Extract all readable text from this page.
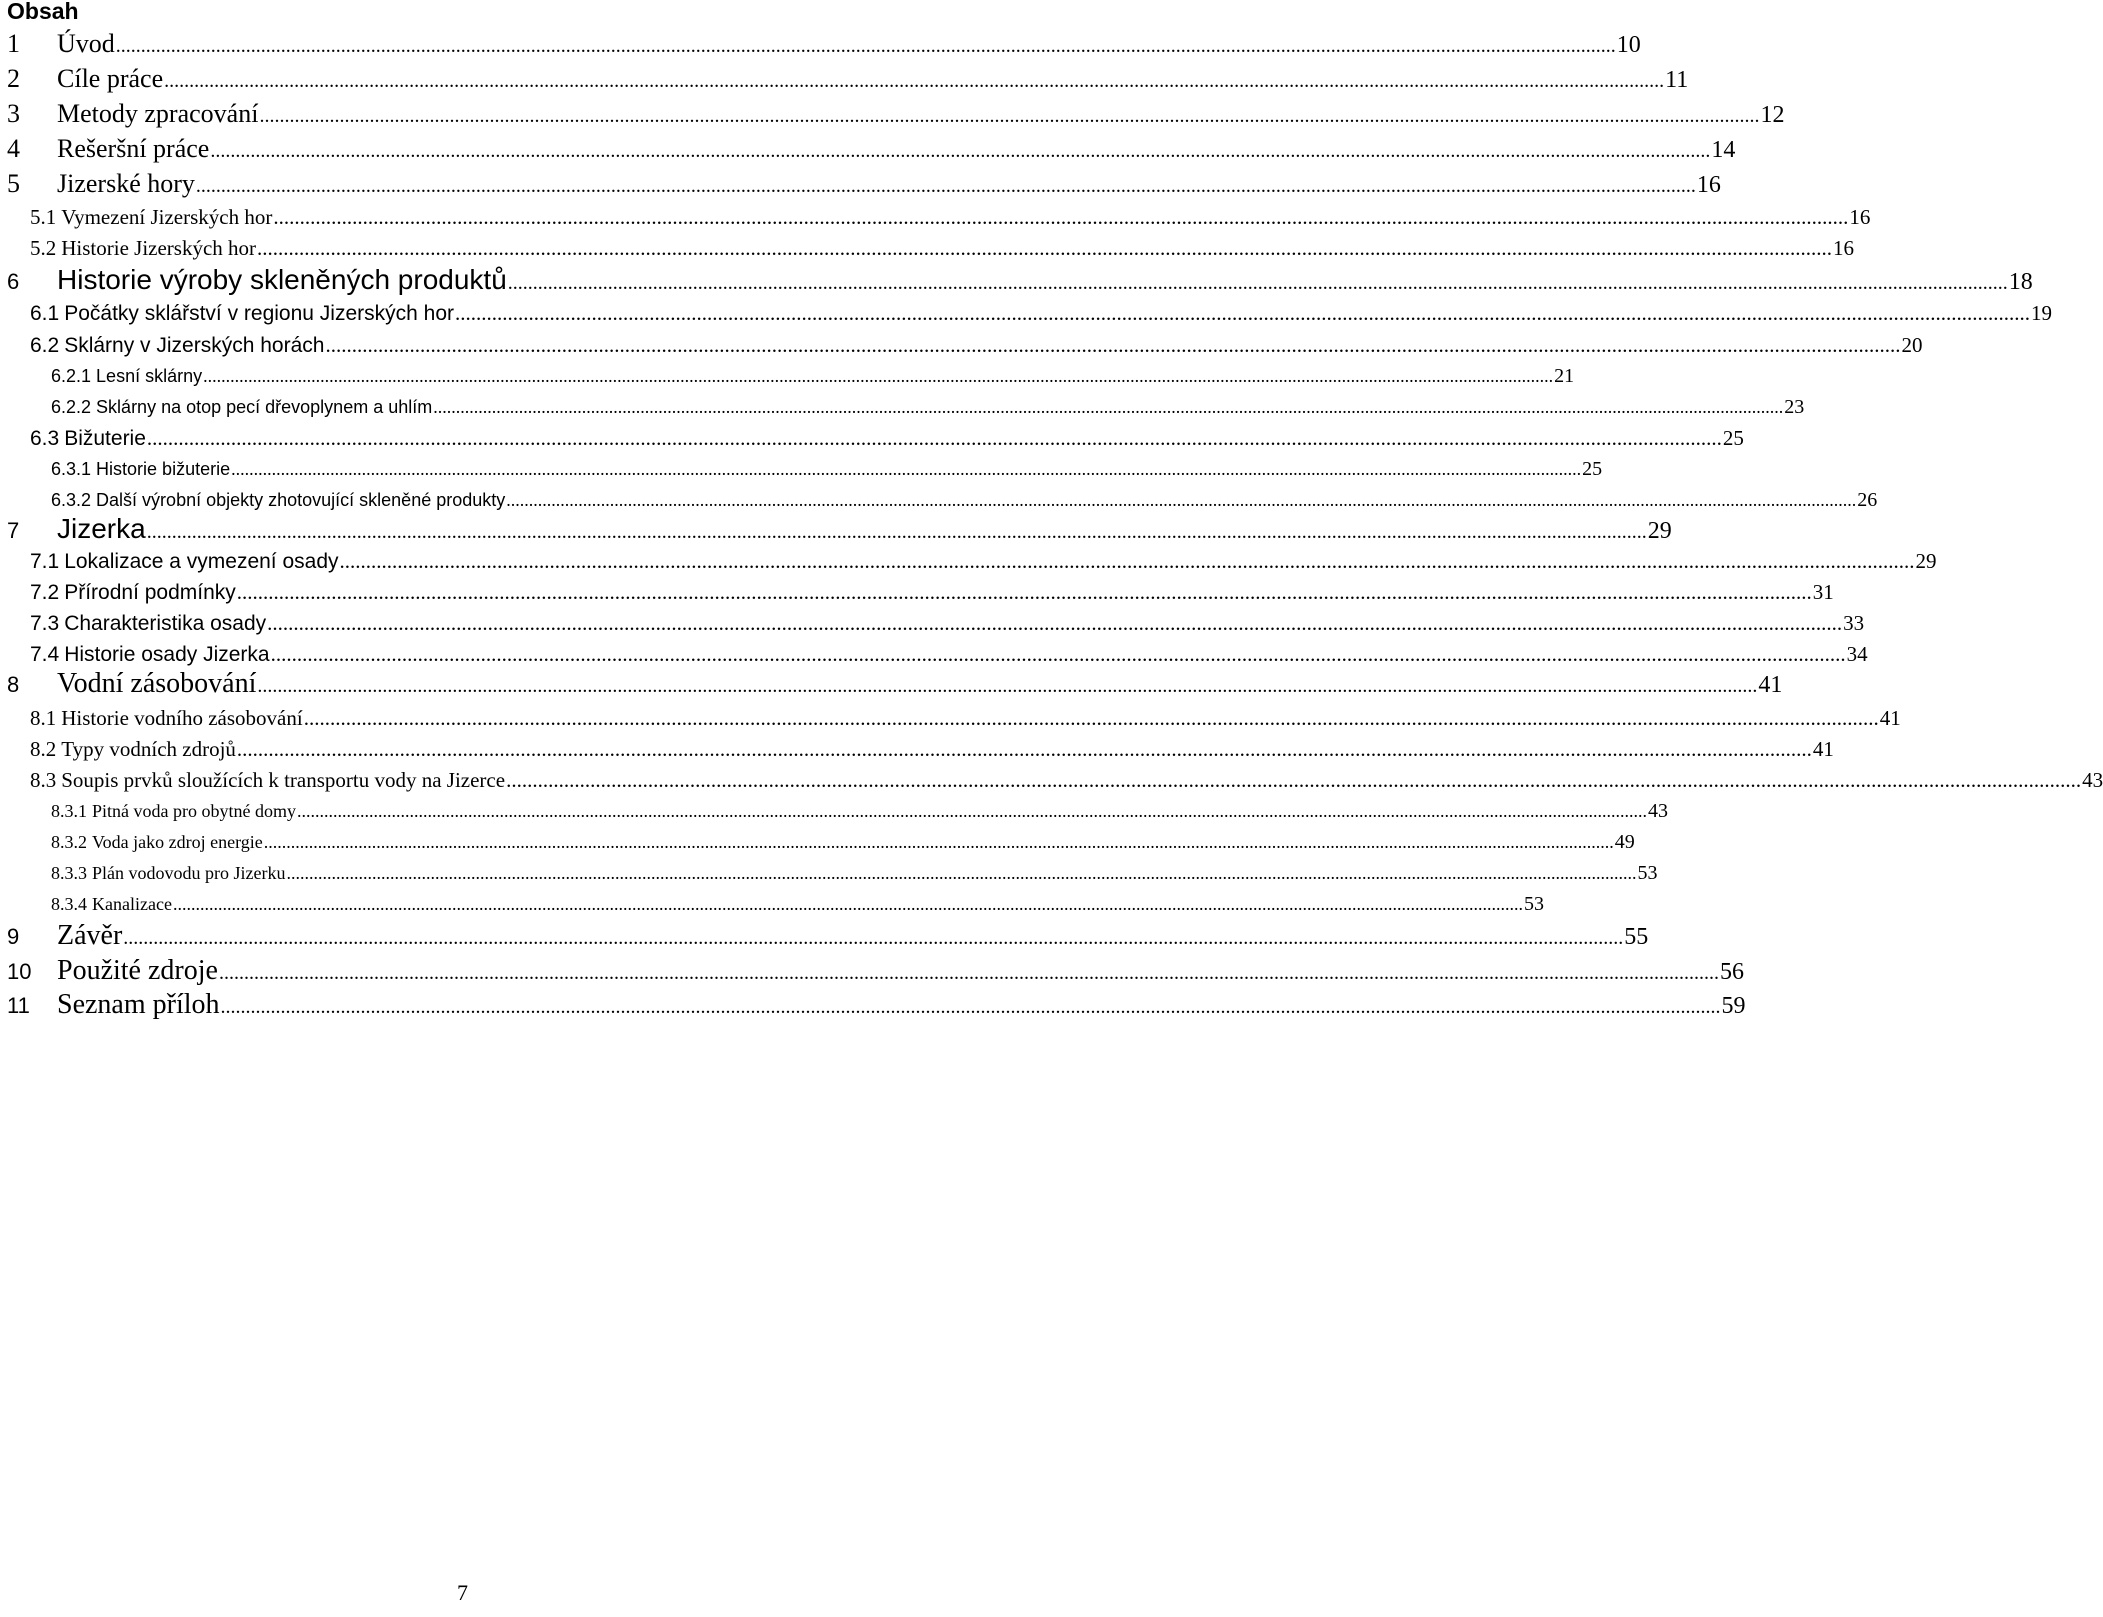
Obsah
1	Úvod ............................................................................................................................................................................................................................................................................................................ 10
2	Cíle práce ............................................................................................................................................................................................................................................................................................................ 11
3	Metody zpracování ............................................................................................................................................................................................................................................................................................................ 12
4	Rešeršní práce ............................................................................................................................................................................................................................................................................................................ 14
5	Jizerské hory ............................................................................................................................................................................................................................................................................................................ 16
5.1 Vymezení Jizerských hor ............................................................................................................................................................................................................................................................................................................ 16
5.2 Historie Jizerských hor ............................................................................................................................................................................................................................................................................................................ 16
6	Historie výroby skleněných produktů ............................................................................................................................................................................................................................................................................................................ 18
6.1 Počátky sklářství v regionu Jizerských hor ............................................................................................................................................................................................................................................................................................................ 19
6.2 Sklárny v Jizerských horách ............................................................................................................................................................................................................................................................................................................ 20
6.2.1 Lesní sklárny ............................................................................................................................................................................................................................................................................................................ 21
6.2.2 Sklárny na otop pecí dřevoplynem a uhlím ............................................................................................................................................................................................................................................................................................................ 23
6.3 Bižuterie ............................................................................................................................................................................................................................................................................................................ 25
6.3.1 Historie bižuterie ............................................................................................................................................................................................................................................................................................................ 25
6.3.2 Další výrobní objekty zhotovující skleněné produkty ............................................................................................................................................................................................................................................................................................................ 26
7	Jizerka ............................................................................................................................................................................................................................................................................................................ 29
7.1 Lokalizace a vymezení osady ............................................................................................................................................................................................................................................................................................................ 29
7.2 Přírodní podmínky ............................................................................................................................................................................................................................................................................................................ 31
7.3 Charakteristika osady ............................................................................................................................................................................................................................................................................................................ 33
7.4 Historie osady Jizerka ............................................................................................................................................................................................................................................................................................................ 34
8	Vodní zásobování ............................................................................................................................................................................................................................................................................................................ 41
8.1 Historie vodního zásobování ............................................................................................................................................................................................................................................................................................................ 41
8.2 Typy vodních zdrojů ............................................................................................................................................................................................................................................................................................................ 41
8.3 Soupis prvků sloužících k transportu vody na Jizerce ............................................................................................................................................................................................................................................................................................................ 43
8.3.1 Pitná voda pro obytné domy ............................................................................................................................................................................................................................................................................................................ 43
8.3.2 Voda jako zdroj energie ............................................................................................................................................................................................................................................................................................................ 49
8.3.3 Plán vodovodu pro Jizerku ............................................................................................................................................................................................................................................................................................................ 53
8.3.4 Kanalizace ............................................................................................................................................................................................................................................................................................................ 53
9	Závěr ............................................................................................................................................................................................................................................................................................................ 55
10 Použité zdroje ............................................................................................................................................................................................................................................................................................................ 56
11 Seznam příloh ............................................................................................................................................................................................................................................................................................................ 59
7
